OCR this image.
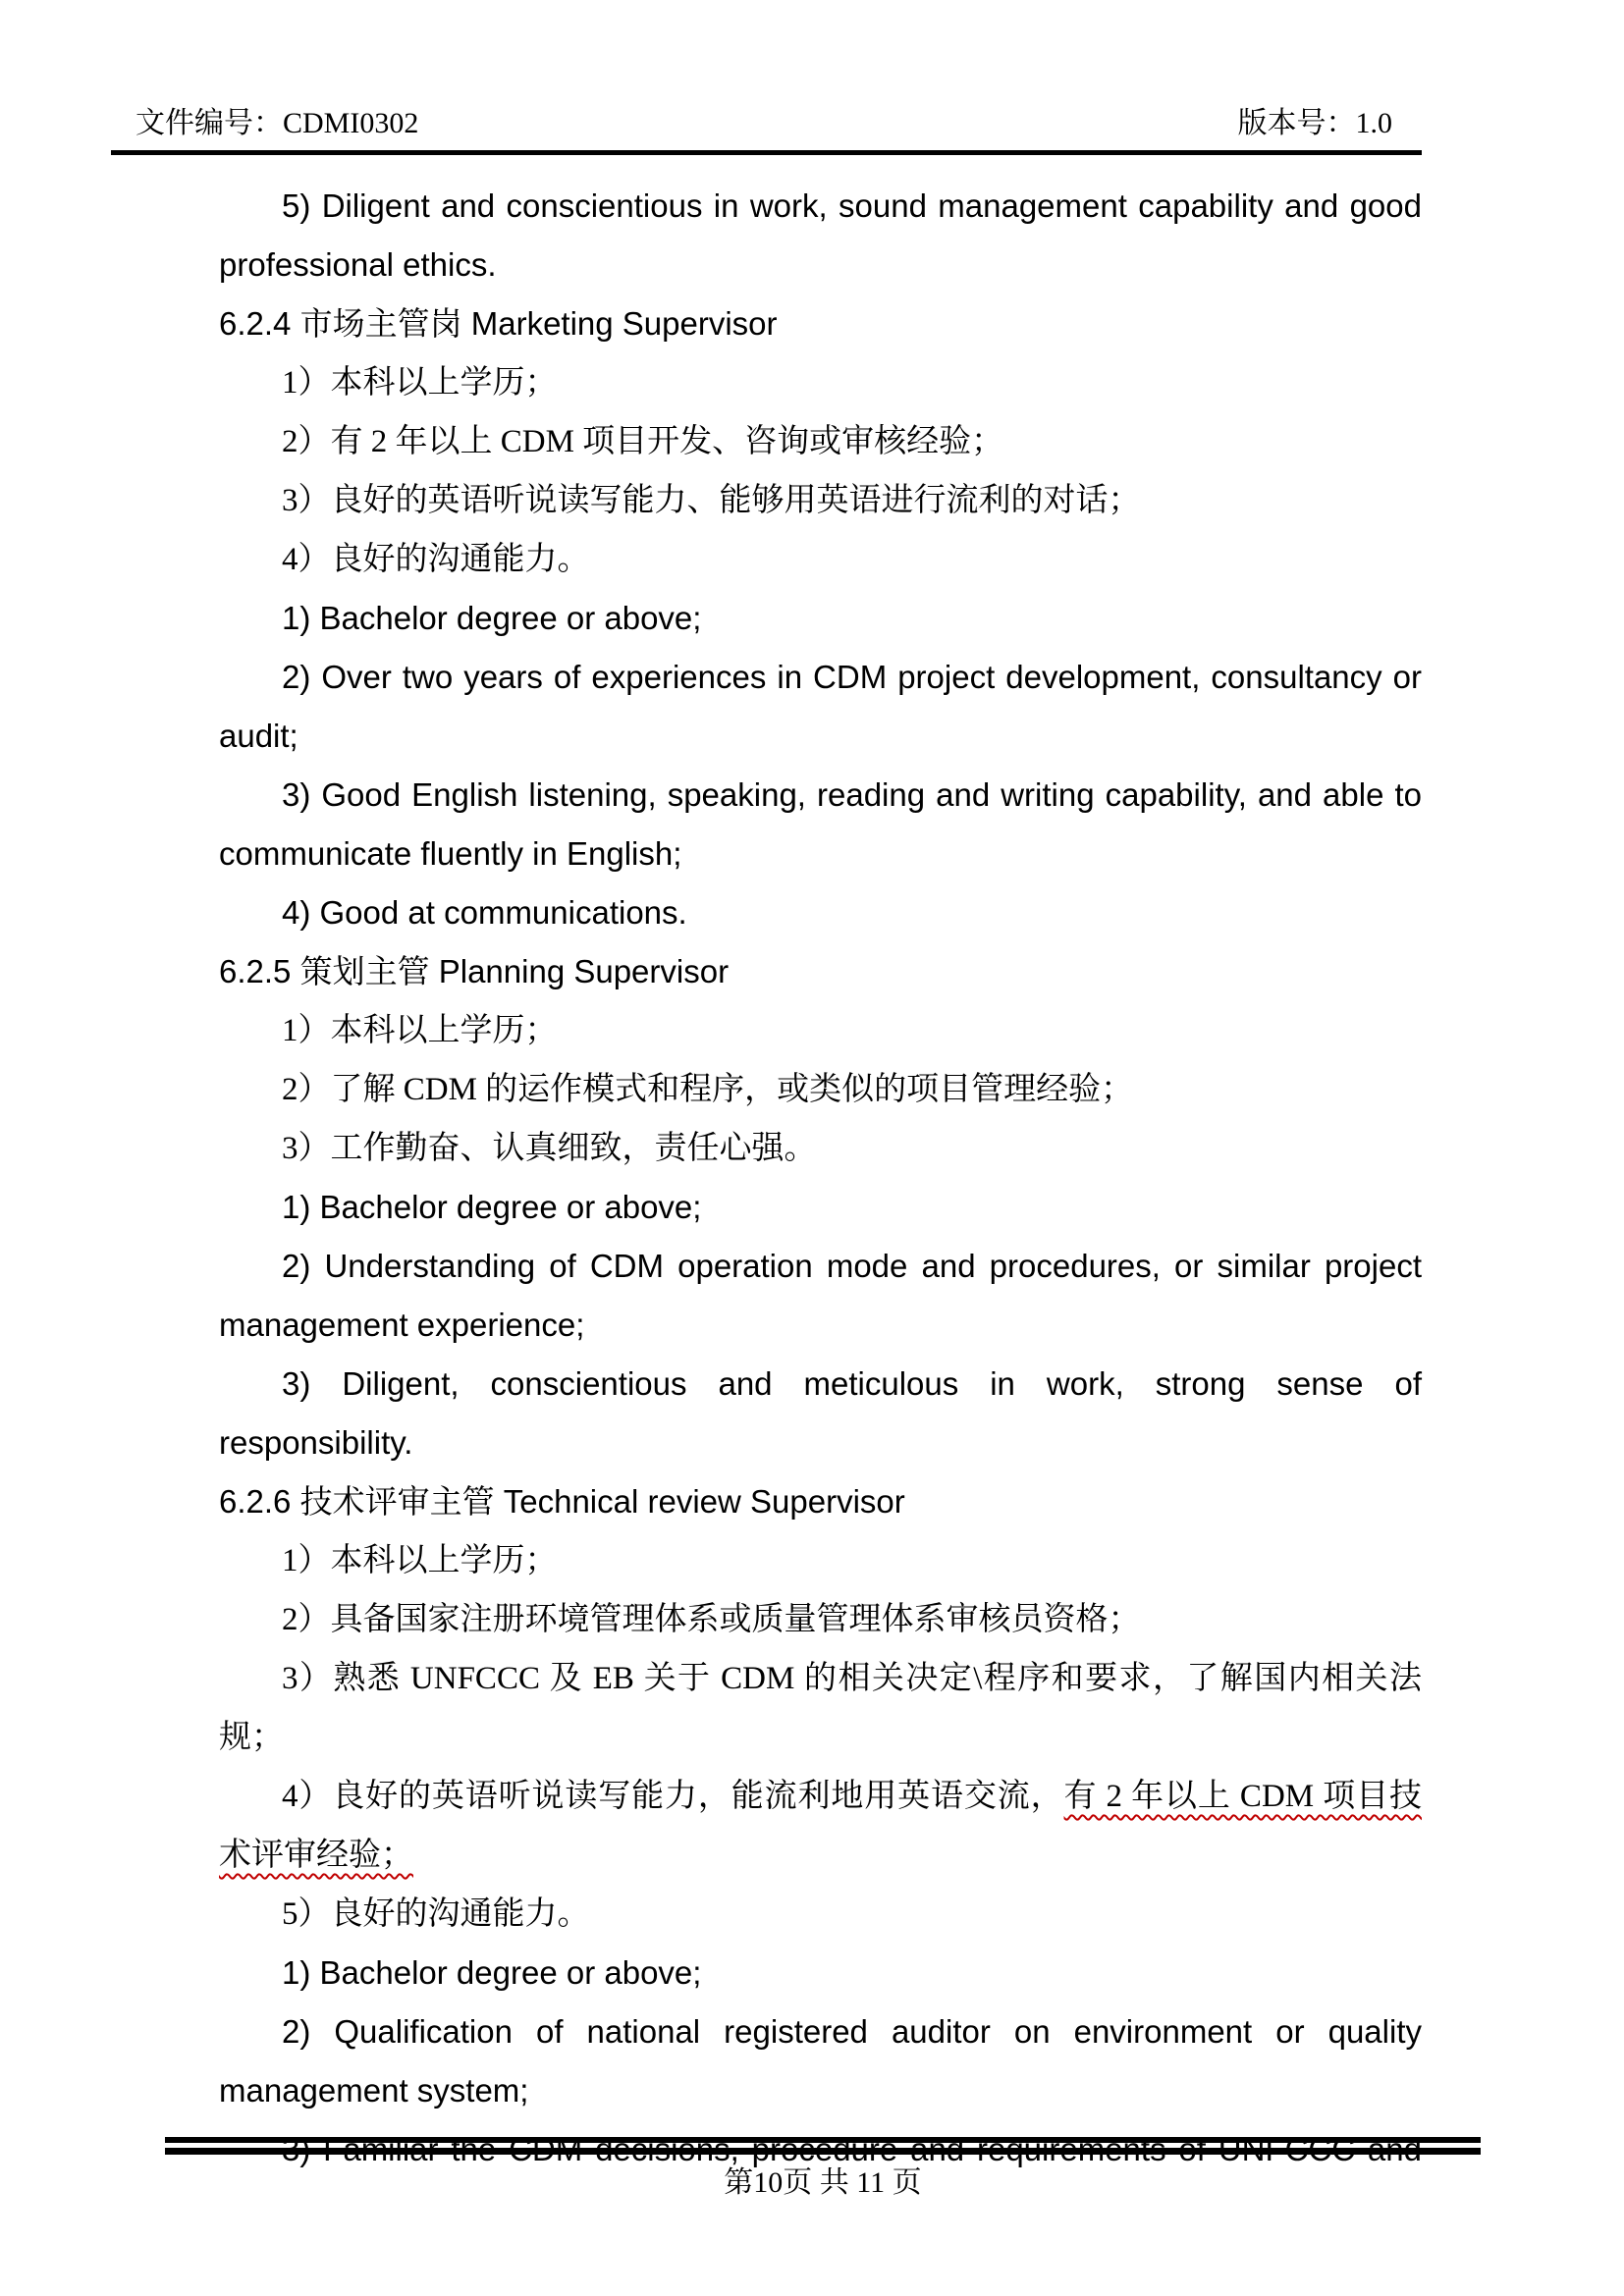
文件编号：CDMI0302	版本号：1.0

5) Diligent and conscientious in work, sound management capability and good professional ethics.

6.2.4 市场主管岗 Marketing Supervisor

1）本科以上学历；

2）有 2 年以上 CDM 项目开发、咨询或审核经验；

3）良好的英语听说读写能力、能够用英语进行流利的对话；

4）良好的沟通能力。

1) Bachelor degree or above;

2) Over two years of experiences in CDM project development, consultancy or audit;

3) Good English listening, speaking, reading and writing capability, and able to communicate fluently in English;

4) Good at communications.

6.2.5 策划主管 Planning Supervisor

1）本科以上学历；

2）了解 CDM 的运作模式和程序，或类似的项目管理经验；

3）工作勤奋、认真细致，责任心强。

1) Bachelor degree or above;

2) Understanding of CDM operation mode and procedures, or similar project management experience;

3) Diligent, conscientious and meticulous in work, strong sense of responsibility.

6.2.6 技术评审主管 Technical review Supervisor

1）本科以上学历；

2）具备国家注册环境管理体系或质量管理体系审核员资格；

3）熟悉 UNFCCC 及 EB 关于 CDM 的相关决定\程序和要求，了解国内相关法规；

4）良好的英语听说读写能力，能流利地用英语交流，有 2 年以上 CDM 项目技术评审经验；

5）良好的沟通能力。

1) Bachelor degree or above;

2) Qualification of national registered auditor on environment or quality management system;

第10页 共 11 页
